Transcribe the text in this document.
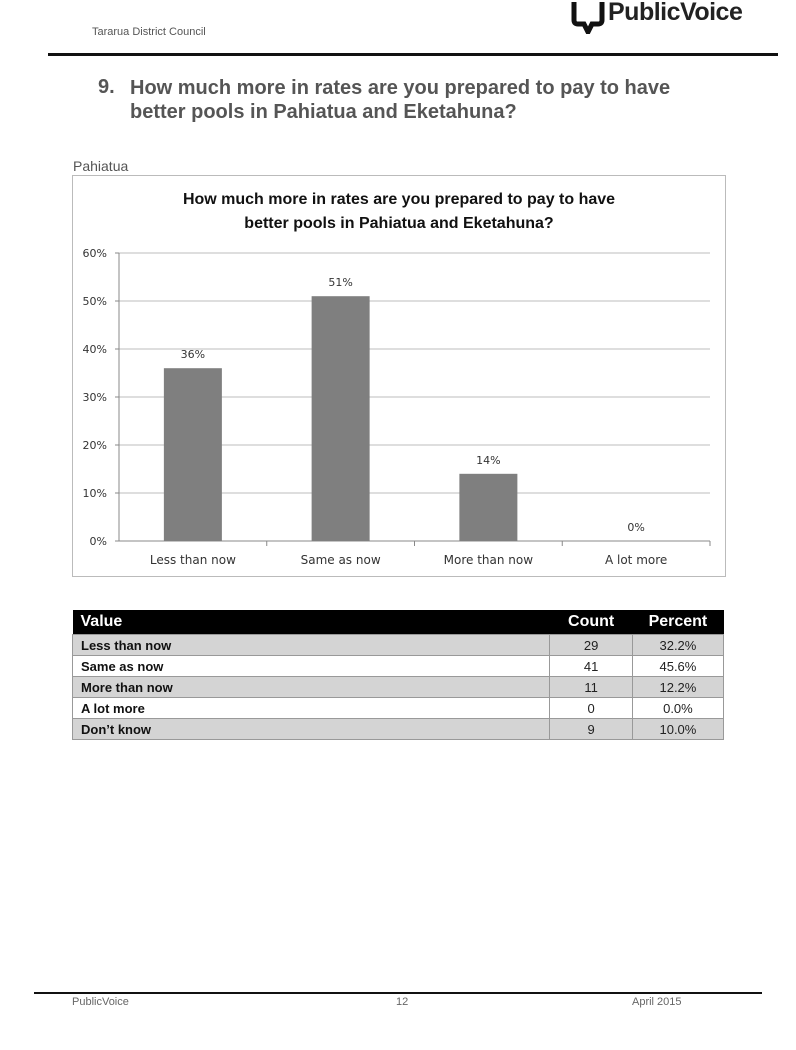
Tararua District Council
PublicVoice
9. How much more in rates are you prepared to pay to have better pools in Pahiatua and Eketahuna?
Pahiatua
0%
10%
20%
30%
40%
50%
60%
36%
Less than now
51%
Same as now
14%
More than now
0%
A lot more
How much more in rates are you prepared to pay to have
better pools in Pahiatua and Eketahuna?
Value	Count	Percent
Less than now	29	32.2%
Same as now	41	45.6%
More than now	11	12.2%
A lot more	0	0.0%
Don’t know	9	10.0%
PublicVoice	12	April 2015
